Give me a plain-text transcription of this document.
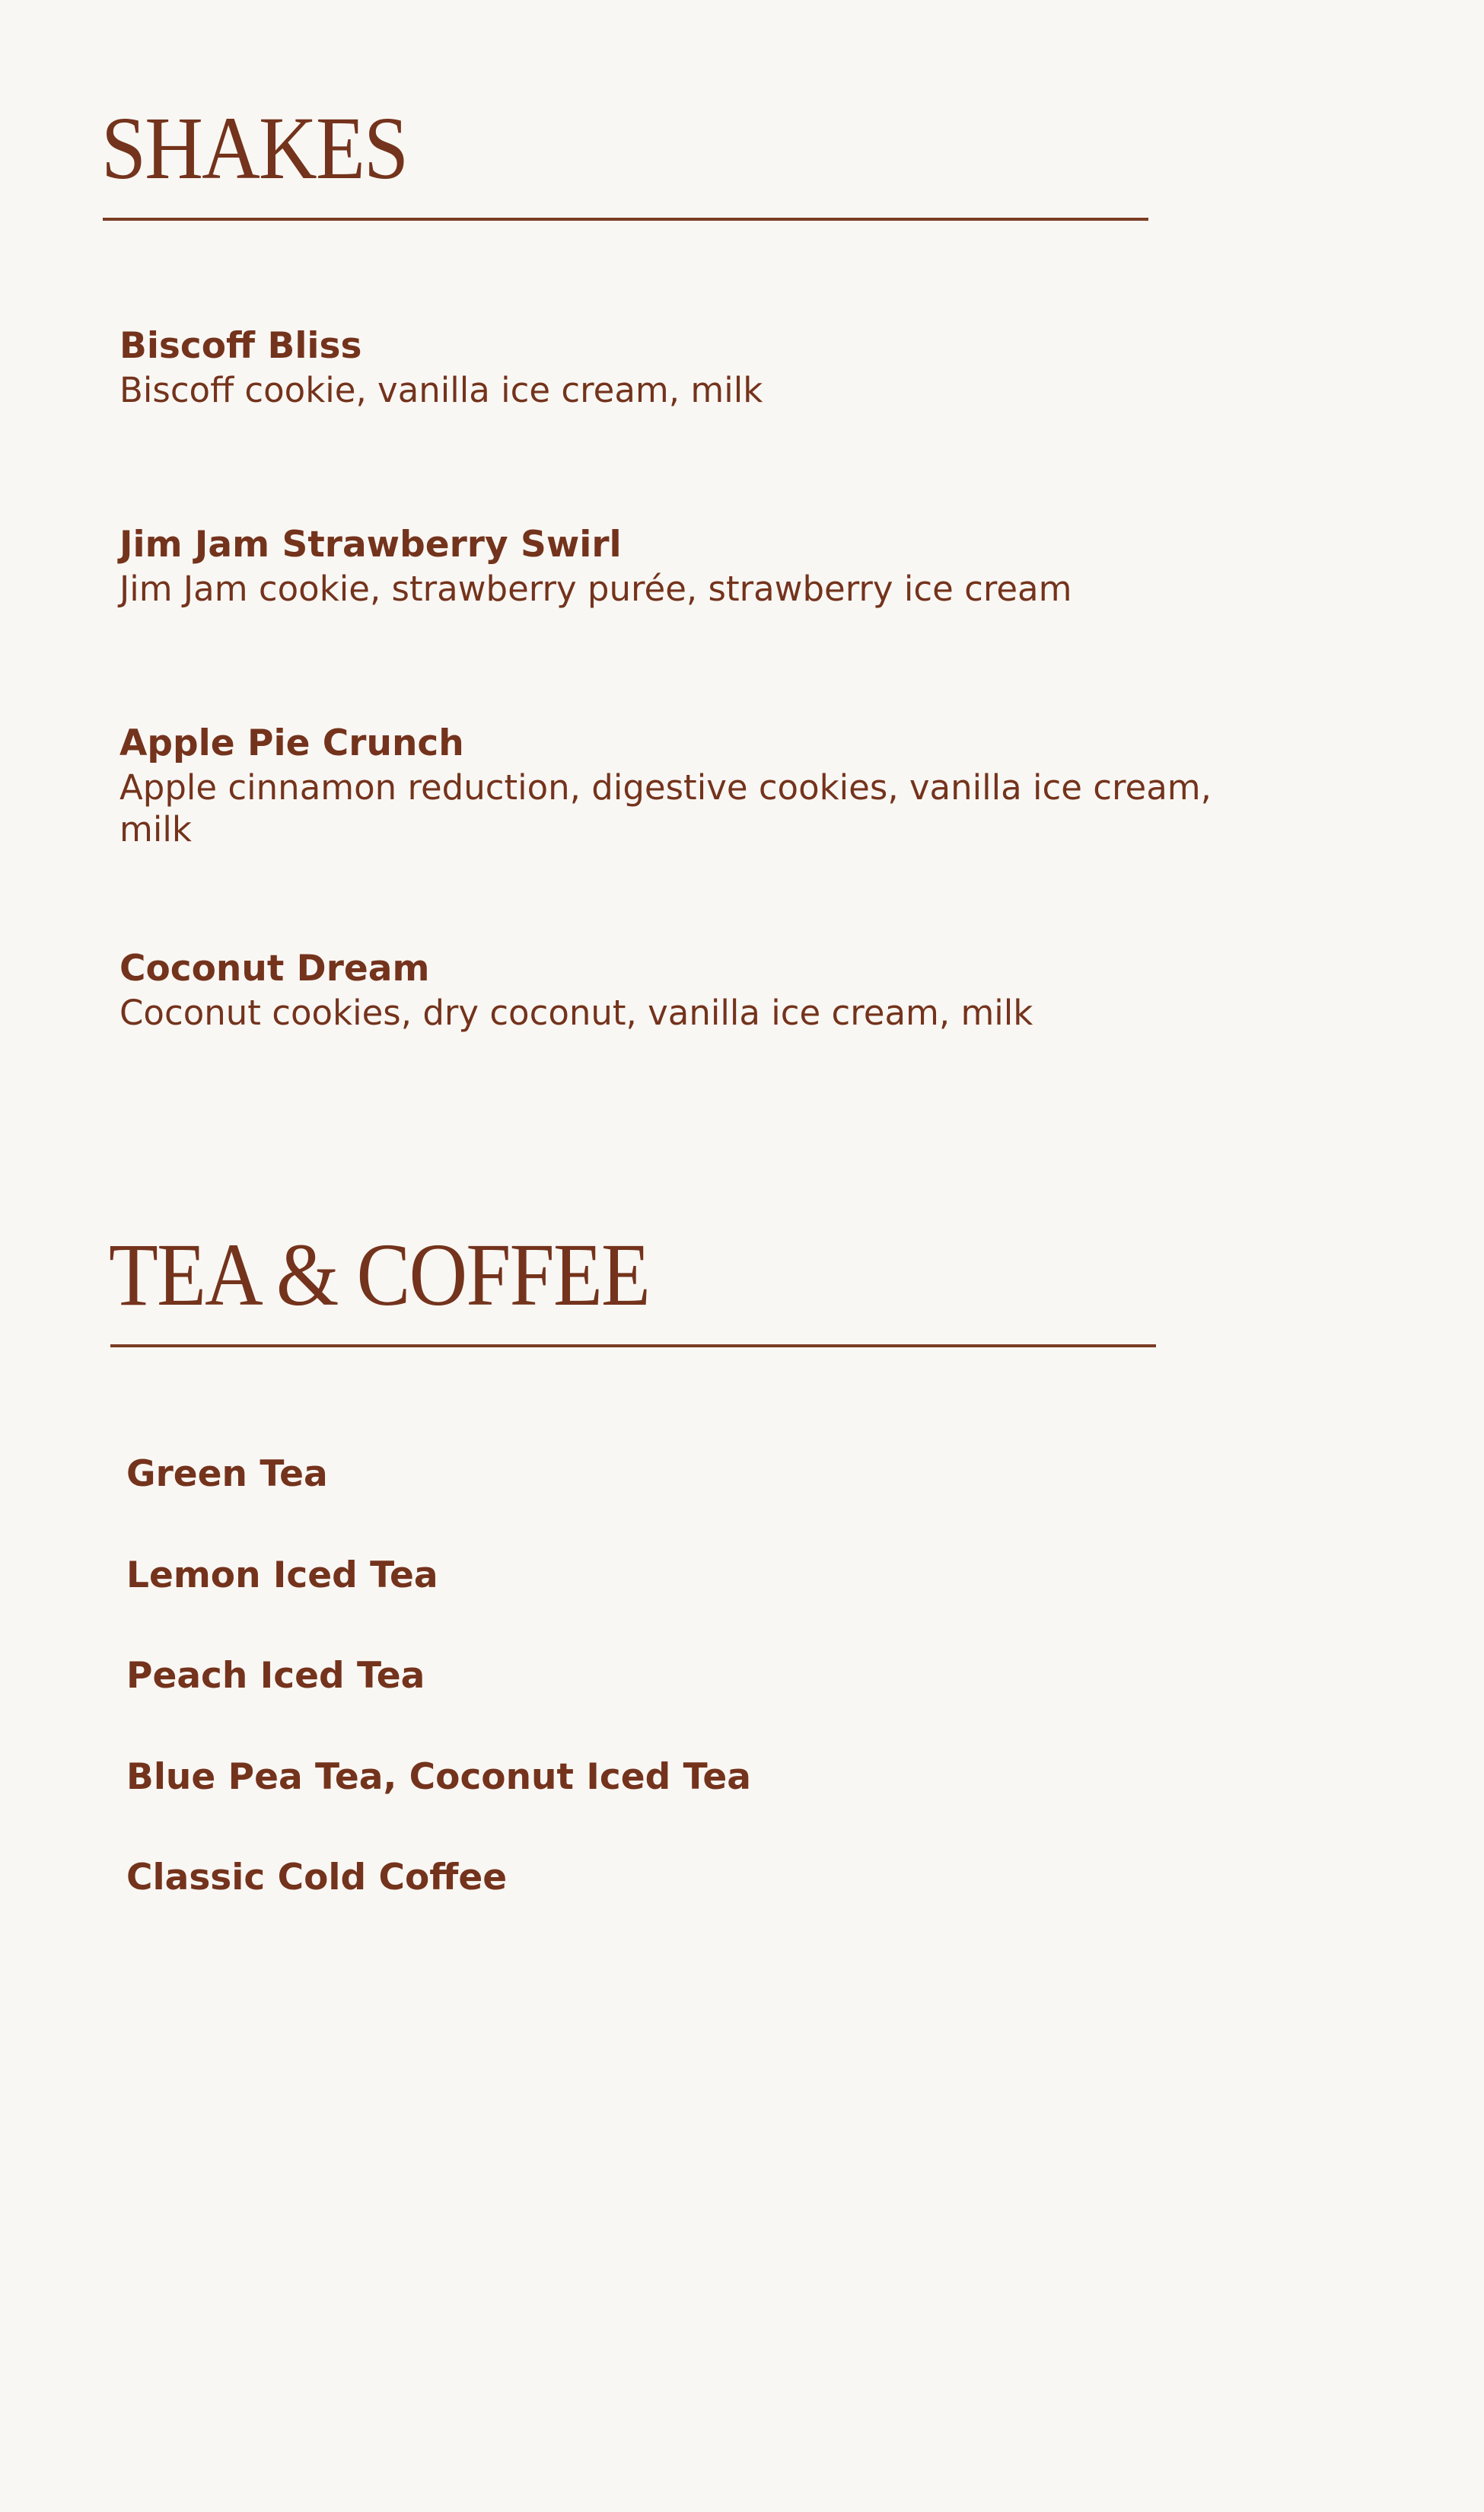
SHAKES
Biscoff Bliss
Biscoff cookie, vanilla ice cream, milk
Jim Jam Strawberry Swirl
Jim Jam cookie, strawberry purée, strawberry ice cream
Apple Pie Crunch
Apple cinnamon reduction, digestive cookies, vanilla ice cream, milk
Coconut Dream
Coconut cookies, dry coconut, vanilla ice cream, milk
TEA & COFFEE
Green Tea
Lemon Iced Tea
Peach Iced Tea
Blue Pea Tea, Coconut Iced Tea
Classic Cold Coffee
